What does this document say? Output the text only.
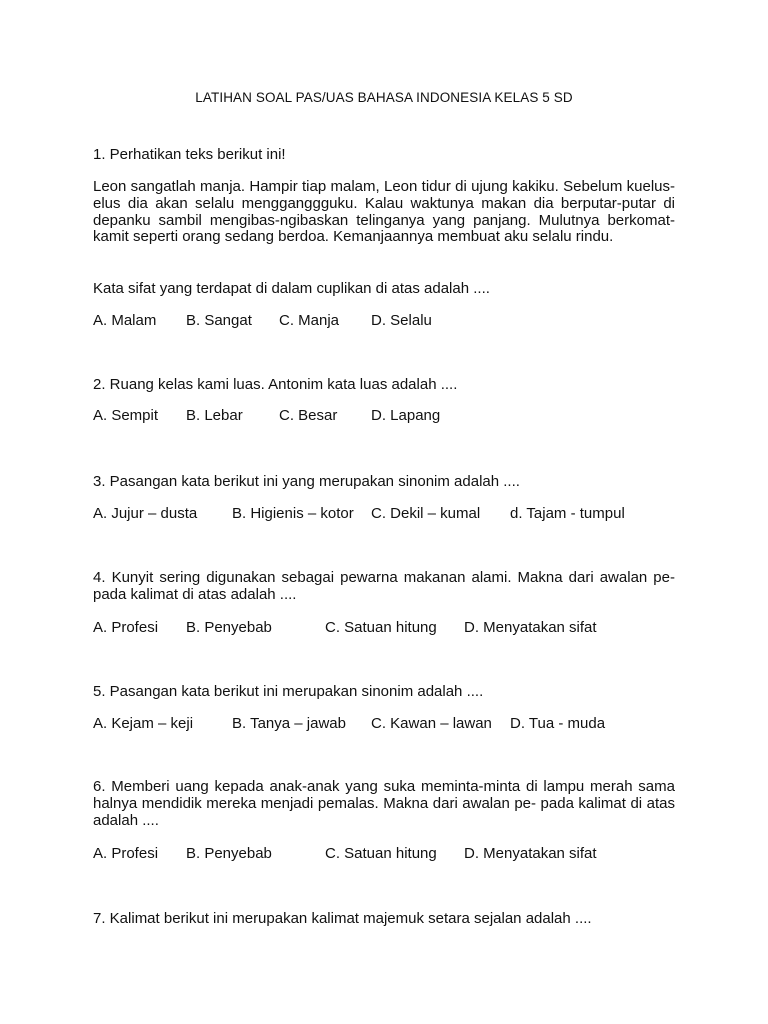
LATIHAN SOAL PAS/UAS BAHASA INDONESIA KELAS 5 SD
1. Perhatikan teks berikut ini!
Leon sangatlah manja. Hampir tiap malam, Leon tidur di ujung kakiku. Sebelum kuelus-elus dia akan selalu mengganggguku. Kalau waktunya makan dia berputar-putar di depanku sambil mengibas-ngibaskan telinganya yang panjang. Mulutnya berkomat-kamit seperti orang sedang berdoa. Kemanjaannya membuat aku selalu rindu.
Kata sifat yang terdapat di dalam cuplikan di atas adalah ....
A. Malam B. Sangat C. Manja D. Selalu
2. Ruang kelas kami luas. Antonim kata luas adalah ....
A. Sempit B. Lebar C. Besar D. Lapang
3. Pasangan kata berikut ini yang merupakan sinonim adalah ....
A. Jujur – dusta B. Higienis – kotor C. Dekil – kumal d. Tajam - tumpul
4. Kunyit sering digunakan sebagai pewarna makanan alami. Makna dari awalan pe-pada kalimat di atas adalah ....
A. Profesi B. Penyebab	C. Satuan hitung D. Menyatakan sifat
5. Pasangan kata berikut ini merupakan sinonim adalah ....
A. Kejam – keji	B. Tanya – jawab C. Kawan – lawan D. Tua - muda
6. Memberi uang kepada anak-anak yang suka meminta-minta di lampu merah sama halnya mendidik mereka menjadi pemalas. Makna dari awalan pe- pada kalimat di atas adalah ....
A. Profesi B. Penyebab	C. Satuan hitung D. Menyatakan sifat
7. Kalimat berikut ini merupakan kalimat majemuk setara sejalan adalah ....
